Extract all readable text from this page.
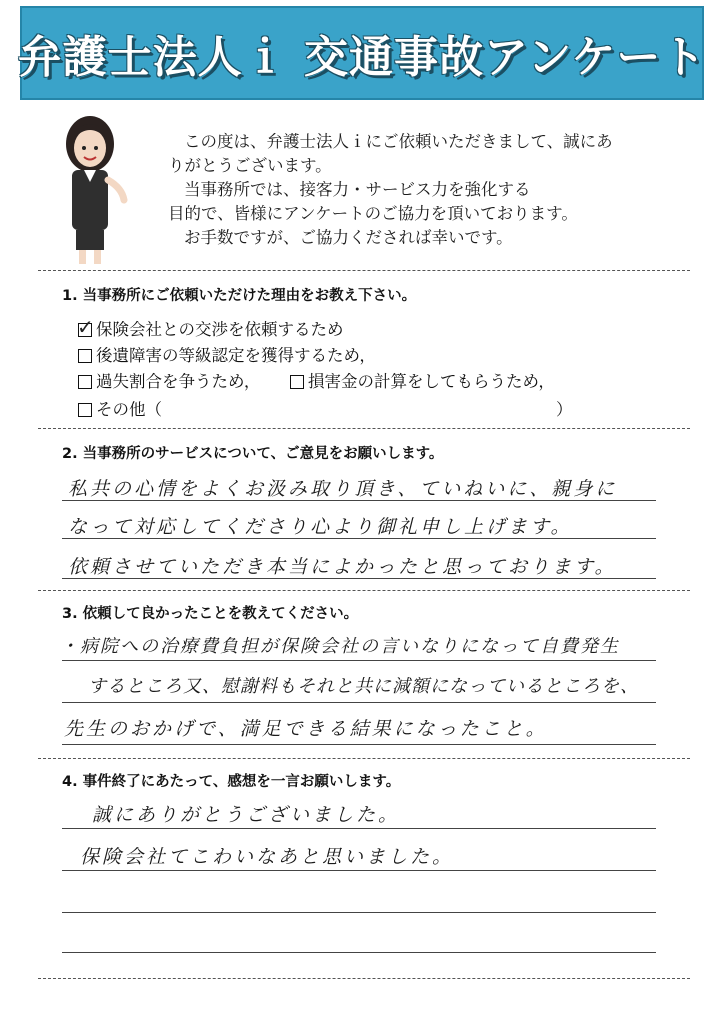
弁護士法人ｉ 交通事故アンケート

この度は、弁護士法人ｉにご依頼いただきまして、誠にあ

りがとうございます。

当事務所では、接客力・サービス力を強化する

目的で、皆様にアンケートのご協力を頂いております。

お手数ですが、ご協力くだされば幸いです。

1. 当事務所にご依頼いただけた理由をお教え下さい。
✓ 保険会社との交渉を依頼するため
後遺障害の等級認定を獲得するため，
過失割合を争うため，	損害金の計算をしてもらうため，
その他（	）
2. 当事務所のサービスについて、ご意見をお願いします。
私共の心情をよくお汲み取り頂き、ていねいに、親身に
なって対応してくださり心より御礼申し上げます。
依頼させていただき本当によかったと思っております。
3. 依頼して良かったことを教えてください。
・病院への治療費負担が保険会社の言いなりになって自費発生
するところ又、慰謝料もそれと共に減額になっているところを、
先生のおかげで、満足できる結果になったこと。
4. 事件終了にあたって、感想を一言お願いします。
誠にありがとうございました。
保険会社てこわいなあと思いました。
